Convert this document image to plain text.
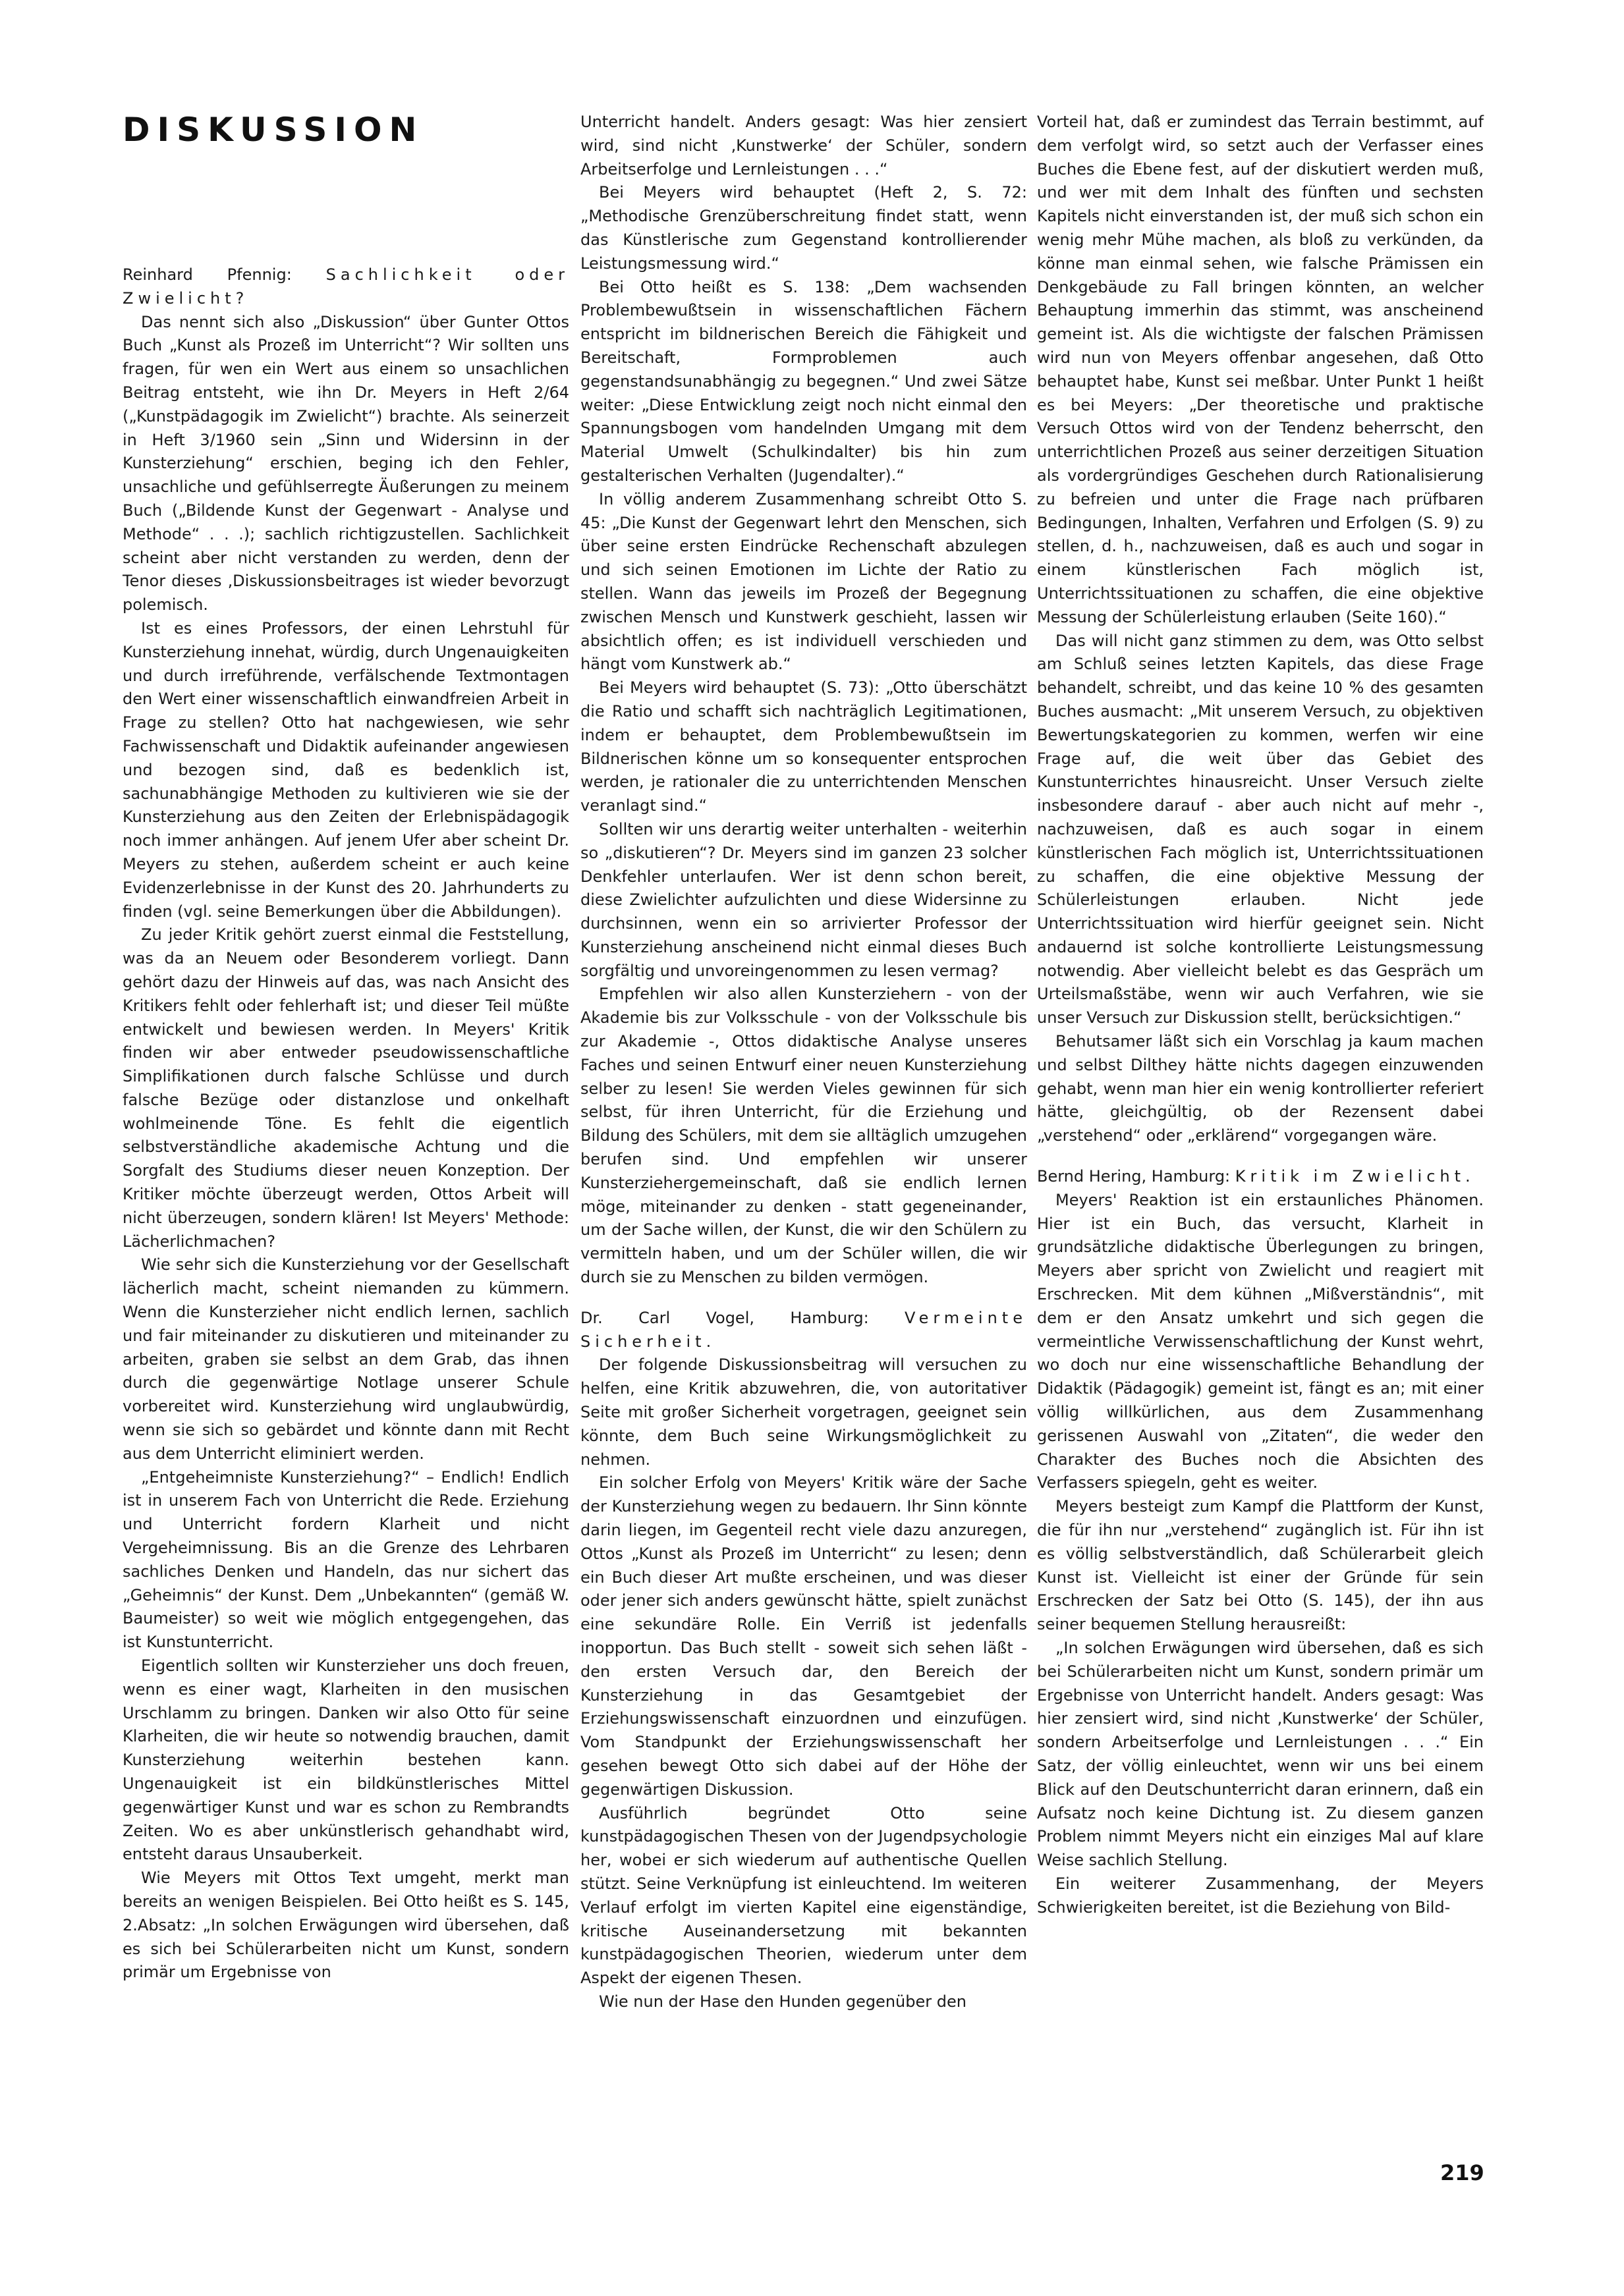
DISKUSSION

Reinhard Pfennig: Sachlichkeit oder Zwielicht?

Das nennt sich also „Diskussion“ über Gunter Ottos Buch „Kunst als Prozeß im Unterricht“? Wir sollten uns fragen, für wen ein Wert aus einem so unsachlichen Beitrag entsteht, wie ihn Dr. Meyers in Heft 2/64 („Kunstpädagogik im Zwielicht“) brachte. Als seinerzeit in Heft 3/1960 sein „Sinn und Widersinn in der Kunsterziehung“ erschien, beging ich den Fehler, unsachliche und gefühlserregte Äußerungen zu meinem Buch („Bildende Kunst der Gegenwart - Analyse und Methode“ . . .); sachlich richtigzustellen. Sachlichkeit scheint aber nicht verstanden zu werden, denn der Tenor dieses ‚Diskussionsbeitrages ist wieder bevorzugt polemisch.

Ist es eines Professors, der einen Lehrstuhl für Kunsterziehung innehat, würdig, durch Ungenauigkeiten und durch irreführende, verfälschende Textmontagen den Wert einer wissenschaftlich einwandfreien Arbeit in Frage zu stellen? Otto hat nachgewiesen, wie sehr Fachwissenschaft und Didaktik aufeinander angewiesen und bezogen sind, daß es bedenklich ist, sachunabhängige Methoden zu kultivieren wie sie der Kunsterziehung aus den Zeiten der Erlebnispädagogik noch immer anhängen. Auf jenem Ufer aber scheint Dr. Meyers zu stehen, außerdem scheint er auch keine Evidenzerlebnisse in der Kunst des 20. Jahrhunderts zu finden (vgl. seine Bemerkungen über die Abbildungen).

Zu jeder Kritik gehört zuerst einmal die Feststellung, was da an Neuem oder Besonderem vorliegt. Dann gehört dazu der Hinweis auf das, was nach Ansicht des Kritikers fehlt oder fehlerhaft ist; und dieser Teil müßte entwickelt und bewiesen werden. In Meyers' Kritik finden wir aber entweder pseudowissenschaftliche Simplifikationen durch falsche Schlüsse und durch falsche Bezüge oder distanzlose und onkelhaft wohlmeinende Töne. Es fehlt die eigentlich selbstverständliche akademische Achtung und die Sorgfalt des Studiums dieser neuen Konzeption. Der Kritiker möchte überzeugt werden, Ottos Arbeit will nicht überzeugen, sondern klären! Ist Meyers' Methode: Lächerlichmachen?

Wie sehr sich die Kunsterziehung vor der Gesellschaft lächerlich macht, scheint niemanden zu kümmern. Wenn die Kunsterzieher nicht endlich lernen, sachlich und fair miteinander zu diskutieren und miteinander zu arbeiten, graben sie selbst an dem Grab, das ihnen durch die gegenwärtige Notlage unserer Schule vorbereitet wird. Kunsterziehung wird unglaubwürdig, wenn sie sich so gebärdet und könnte dann mit Recht aus dem Unterricht eliminiert werden.

„Entgeheimniste Kunsterziehung?“ – Endlich! Endlich ist in unserem Fach von Unterricht die Rede. Erziehung und Unterricht fordern Klarheit und nicht Vergeheimnissung. Bis an die Grenze des Lehrbaren sachliches Denken und Handeln, das nur sichert das „Geheimnis“ der Kunst. Dem „Unbekannten“ (gemäß W. Baumeister) so weit wie möglich entgegengehen, das ist Kunstunterricht.

Eigentlich sollten wir Kunsterzieher uns doch freuen, wenn es einer wagt, Klarheiten in den musischen Urschlamm zu bringen. Danken wir also Otto für seine Klarheiten, die wir heute so notwendig brauchen, damit Kunsterziehung weiterhin bestehen kann. Ungenauigkeit ist ein bildkünstlerisches Mittel gegenwärtiger Kunst und war es schon zu Rembrandts Zeiten. Wo es aber unkünstlerisch gehandhabt wird, entsteht daraus Unsauberkeit.

Wie Meyers mit Ottos Text umgeht, merkt man bereits an wenigen Beispielen. Bei Otto heißt es S. 145, 2.Absatz: „In solchen Erwägungen wird übersehen, daß es sich bei Schülerarbeiten nicht um Kunst, sondern primär um Ergebnisse von

Unterricht handelt. Anders gesagt: Was hier zensiert wird, sind nicht ‚Kunstwerke‘ der Schüler, sondern Arbeitserfolge und Lernleistungen . . .“

Bei Meyers wird behauptet (Heft 2, S. 72: „Methodische Grenzüberschreitung findet statt, wenn das Künstlerische zum Gegenstand kontrollierender Leistungsmessung wird.“

Bei Otto heißt es S. 138: „Dem wachsenden Problembewußtsein in wissenschaftlichen Fächern entspricht im bildnerischen Bereich die Fähigkeit und Bereitschaft, Formproblemen auch gegenstandsunabhängig zu begegnen.“ Und zwei Sätze weiter: „Diese Entwicklung zeigt noch nicht einmal den Spannungsbogen vom handelnden Umgang mit dem Material Umwelt (Schulkindalter) bis hin zum gestalterischen Verhalten (Jugendalter).“

In völlig anderem Zusammenhang schreibt Otto S. 45: „Die Kunst der Gegenwart lehrt den Menschen, sich über seine ersten Eindrücke Rechenschaft abzulegen und sich seinen Emotionen im Lichte der Ratio zu stellen. Wann das jeweils im Prozeß der Begegnung zwischen Mensch und Kunstwerk geschieht, lassen wir absichtlich offen; es ist individuell verschieden und hängt vom Kunstwerk ab.“

Bei Meyers wird behauptet (S. 73): „Otto überschätzt die Ratio und schafft sich nachträglich Legitimationen, indem er behauptet, dem Problembewußtsein im Bildnerischen könne um so konsequenter entsprochen werden, je rationaler die zu unterrichtenden Menschen veranlagt sind.“

Sollten wir uns derartig weiter unterhalten - weiterhin so „diskutieren“? Dr. Meyers sind im ganzen 23 solcher Denkfehler unterlaufen. Wer ist denn schon bereit, diese Zwielichter aufzulichten und diese Widersinne zu durchsinnen, wenn ein so arrivierter Professor der Kunsterziehung anscheinend nicht einmal dieses Buch sorgfältig und unvoreingenommen zu lesen vermag?

Empfehlen wir also allen Kunsterziehern - von der Akademie bis zur Volksschule - von der Volksschule bis zur Akademie -, Ottos didaktische Analyse unseres Faches und seinen Entwurf einer neuen Kunsterziehung selber zu lesen! Sie werden Vieles gewinnen für sich selbst, für ihren Unterricht, für die Erziehung und Bildung des Schülers, mit dem sie alltäglich umzugehen berufen sind. Und empfehlen wir unserer Kunsterziehergemeinschaft, daß sie endlich lernen möge, miteinander zu denken - statt gegeneinander, um der Sache willen, der Kunst, die wir den Schülern zu vermitteln haben, und um der Schüler willen, die wir durch sie zu Menschen zu bilden vermögen.

Dr. Carl Vogel, Hamburg: Vermeinte Sicherheit.

Der folgende Diskussionsbeitrag will versuchen zu helfen, eine Kritik abzuwehren, die, von autoritativer Seite mit großer Sicherheit vorgetragen, geeignet sein könnte, dem Buch seine Wirkungsmöglichkeit zu nehmen.

Ein solcher Erfolg von Meyers' Kritik wäre der Sache der Kunsterziehung wegen zu bedauern. Ihr Sinn könnte darin liegen, im Gegenteil recht viele dazu anzuregen, Ottos „Kunst als Prozeß im Unterricht“ zu lesen; denn ein Buch dieser Art mußte erscheinen, und was dieser oder jener sich anders gewünscht hätte, spielt zunächst eine sekundäre Rolle. Ein Verriß ist jedenfalls inopportun. Das Buch stellt - soweit sich sehen läßt - den ersten Versuch dar, den Bereich der Kunsterziehung in das Gesamtgebiet der Erziehungswissenschaft einzuordnen und einzufügen. Vom Standpunkt der Erziehungswissenschaft her gesehen bewegt Otto sich dabei auf der Höhe der gegenwärtigen Diskussion.

Ausführlich begründet Otto seine kunstpädagogischen Thesen von der Jugendpsychologie her, wobei er sich wiederum auf authentische Quellen stützt. Seine Verknüpfung ist einleuchtend. Im weiteren Verlauf erfolgt im vierten Kapitel eine eigenständige, kritische Auseinandersetzung mit bekannten kunstpädagogischen Theorien, wiederum unter dem Aspekt der eigenen Thesen.

Wie nun der Hase den Hunden gegenüber den

Vorteil hat, daß er zumindest das Terrain bestimmt, auf dem verfolgt wird, so setzt auch der Verfasser eines Buches die Ebene fest, auf der diskutiert werden muß, und wer mit dem Inhalt des fünften und sechsten Kapitels nicht einverstanden ist, der muß sich schon ein wenig mehr Mühe machen, als bloß zu verkünden, da könne man einmal sehen, wie falsche Prämissen ein Denkgebäude zu Fall bringen könnten, an welcher Behauptung immerhin das stimmt, was anscheinend gemeint ist. Als die wichtigste der falschen Prämissen wird nun von Meyers offenbar angesehen, daß Otto behauptet habe, Kunst sei meßbar. Unter Punkt 1 heißt es bei Meyers: „Der theoretische und praktische Versuch Ottos wird von der Tendenz beherrscht, den unterrichtlichen Prozeß aus seiner derzeitigen Situation als vordergründiges Geschehen durch Rationalisierung zu befreien und unter die Frage nach prüfbaren Bedingungen, Inhalten, Verfahren und Erfolgen (S. 9) zu stellen, d. h., nachzuweisen, daß es auch und sogar in einem künstlerischen Fach möglich ist, Unterrichtssituationen zu schaffen, die eine objektive Messung der Schülerleistung erlauben (Seite 160).“

Das will nicht ganz stimmen zu dem, was Otto selbst am Schluß seines letzten Kapitels, das diese Frage behandelt, schreibt, und das keine 10 % des gesamten Buches ausmacht: „Mit unserem Versuch, zu objektiven Bewertungskategorien zu kommen, werfen wir eine Frage auf, die weit über das Gebiet des Kunstunterrichtes hinausreicht. Unser Versuch zielte insbesondere darauf - aber auch nicht auf mehr -, nachzuweisen, daß es auch sogar in einem künstlerischen Fach möglich ist, Unterrichtssituationen zu schaffen, die eine objektive Messung der Schülerleistungen erlauben. Nicht jede Unterrichtssituation wird hierfür geeignet sein. Nicht andauernd ist solche kontrollierte Leistungsmessung notwendig. Aber vielleicht belebt es das Gespräch um Urteilsmaßstäbe, wenn wir auch Verfahren, wie sie unser Versuch zur Diskussion stellt, berücksichtigen.“

Behutsamer läßt sich ein Vorschlag ja kaum machen und selbst Dilthey hätte nichts dagegen einzuwenden gehabt, wenn man hier ein wenig kontrollierter referiert hätte, gleichgültig, ob der Rezensent dabei „verstehend“ oder „erklärend“ vorgegangen wäre.

Bernd Hering, Hamburg: Kritik im Zwielicht.

Meyers' Reaktion ist ein erstaunliches Phänomen. Hier ist ein Buch, das versucht, Klarheit in grundsätzliche didaktische Überlegungen zu bringen, Meyers aber spricht von Zwielicht und reagiert mit Erschrecken. Mit dem kühnen „Mißverständnis“, mit dem er den Ansatz umkehrt und sich gegen die vermeintliche Verwissenschaftlichung der Kunst wehrt, wo doch nur eine wissenschaftliche Behandlung der Didaktik (Pädagogik) gemeint ist, fängt es an; mit einer völlig willkürlichen, aus dem Zusammenhang gerissenen Auswahl von „Zitaten“, die weder den Charakter des Buches noch die Absichten des Verfassers spiegeln, geht es weiter.

Meyers besteigt zum Kampf die Plattform der Kunst, die für ihn nur „verstehend“ zugänglich ist. Für ihn ist es völlig selbstverständlich, daß Schülerarbeit gleich Kunst ist. Vielleicht ist einer der Gründe für sein Erschrecken der Satz bei Otto (S. 145), der ihn aus seiner bequemen Stellung herausreißt:

„In solchen Erwägungen wird übersehen, daß es sich bei Schülerarbeiten nicht um Kunst, sondern primär um Ergebnisse von Unterricht handelt. Anders gesagt: Was hier zensiert wird, sind nicht ‚Kunstwerke‘ der Schüler, sondern Arbeitserfolge und Lernleistungen . . .“ Ein Satz, der völlig einleuchtet, wenn wir uns bei einem Blick auf den Deutschunterricht daran erinnern, daß ein Aufsatz noch keine Dichtung ist. Zu diesem ganzen Problem nimmt Meyers nicht ein einziges Mal auf klare Weise sachlich Stellung.

Ein weiterer Zusammenhang, der Meyers Schwierigkeiten bereitet, ist die Beziehung von Bild-

219
